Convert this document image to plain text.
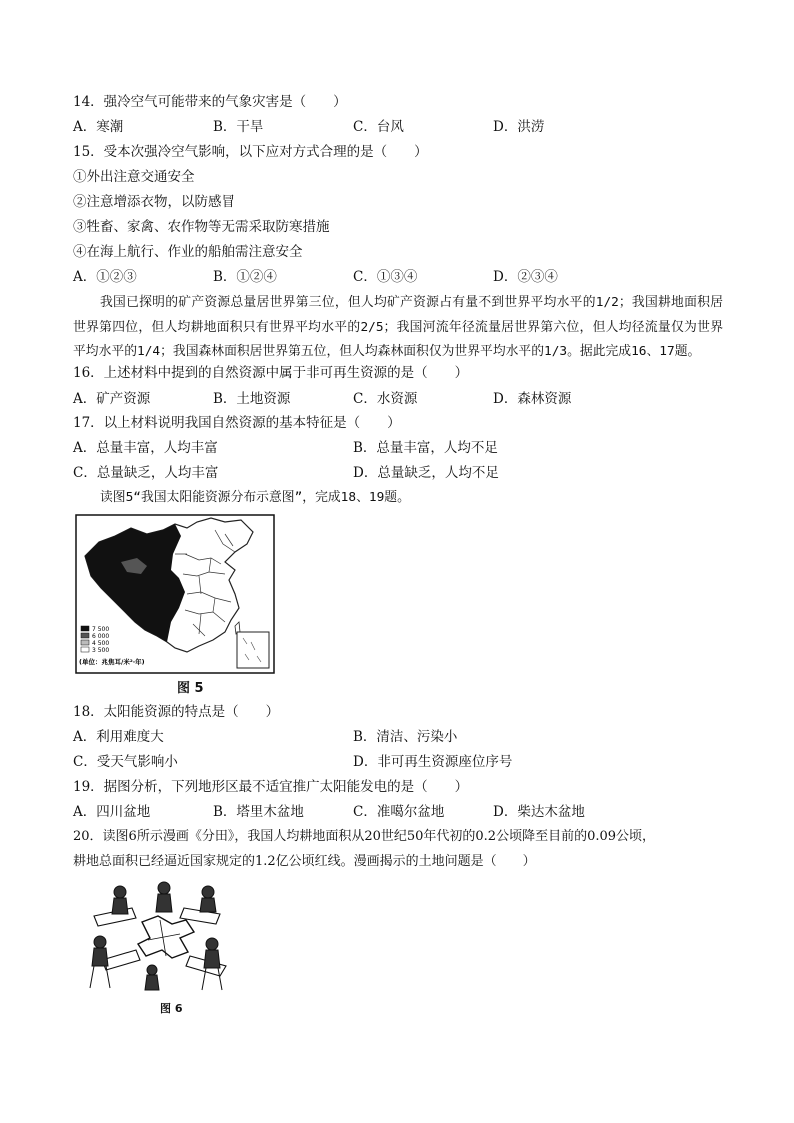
14．强冷空气可能带来的气象灾害是（　　）
A．寒潮	B．干旱	C．台风	D．洪涝
15．受本次强冷空气影响，以下应对方式合理的是（　　）
①外出注意交通安全
②注意增添衣物，以防感冒
③牲畜、家禽、农作物等无需采取防寒措施
④在海上航行、作业的船舶需注意安全
A．①②③	B．①②④	C．①③④	D．②③④
我国已探明的矿产资源总量居世界第三位，但人均矿产资源占有量不到世界平均水平的1/2；我国耕地面积居世界第四位，但人均耕地面积只有世界平均水平的2/5；我国河流年径流量居世界第六位，但人均径流量仅为世界平均水平的1/4；我国森林面积居世界第五位，但人均森林面积仅为世界平均水平的1/3。据此完成16、17题。
16．上述材料中提到的自然资源中属于非可再生资源的是（　　）
A．矿产资源	B．土地资源	C．水资源	D．森林资源
17．以上材料说明我国自然资源的基本特征是（　　）
A．总量丰富，人均丰富	B．总量丰富，人均不足
C．总量缺乏，人均丰富	D．总量缺乏，人均不足
读图5“我国太阳能资源分布示意图”，完成18、19题。
7 500
6 000
4 500
3 500
(单位：兆焦耳/米²·年)
图 5
18．太阳能资源的特点是（　　）
A．利用难度大	B．清洁、污染小
C．受天气影响小	D．非可再生资源座位序号
19．据图分析，下列地形区最不适宜推广太阳能发电的是（　　）
A．四川盆地	B．塔里木盆地	C．准噶尔盆地	D．柴达木盆地
20．读图6所示漫画《分田》，我国人均耕地面积从20世纪50年代初的0.2公顷降至目前的0.09公顷，
耕地总面积已经逼近国家规定的1.2亿公顷红线。漫画揭示的土地问题是（　　）
图 6
